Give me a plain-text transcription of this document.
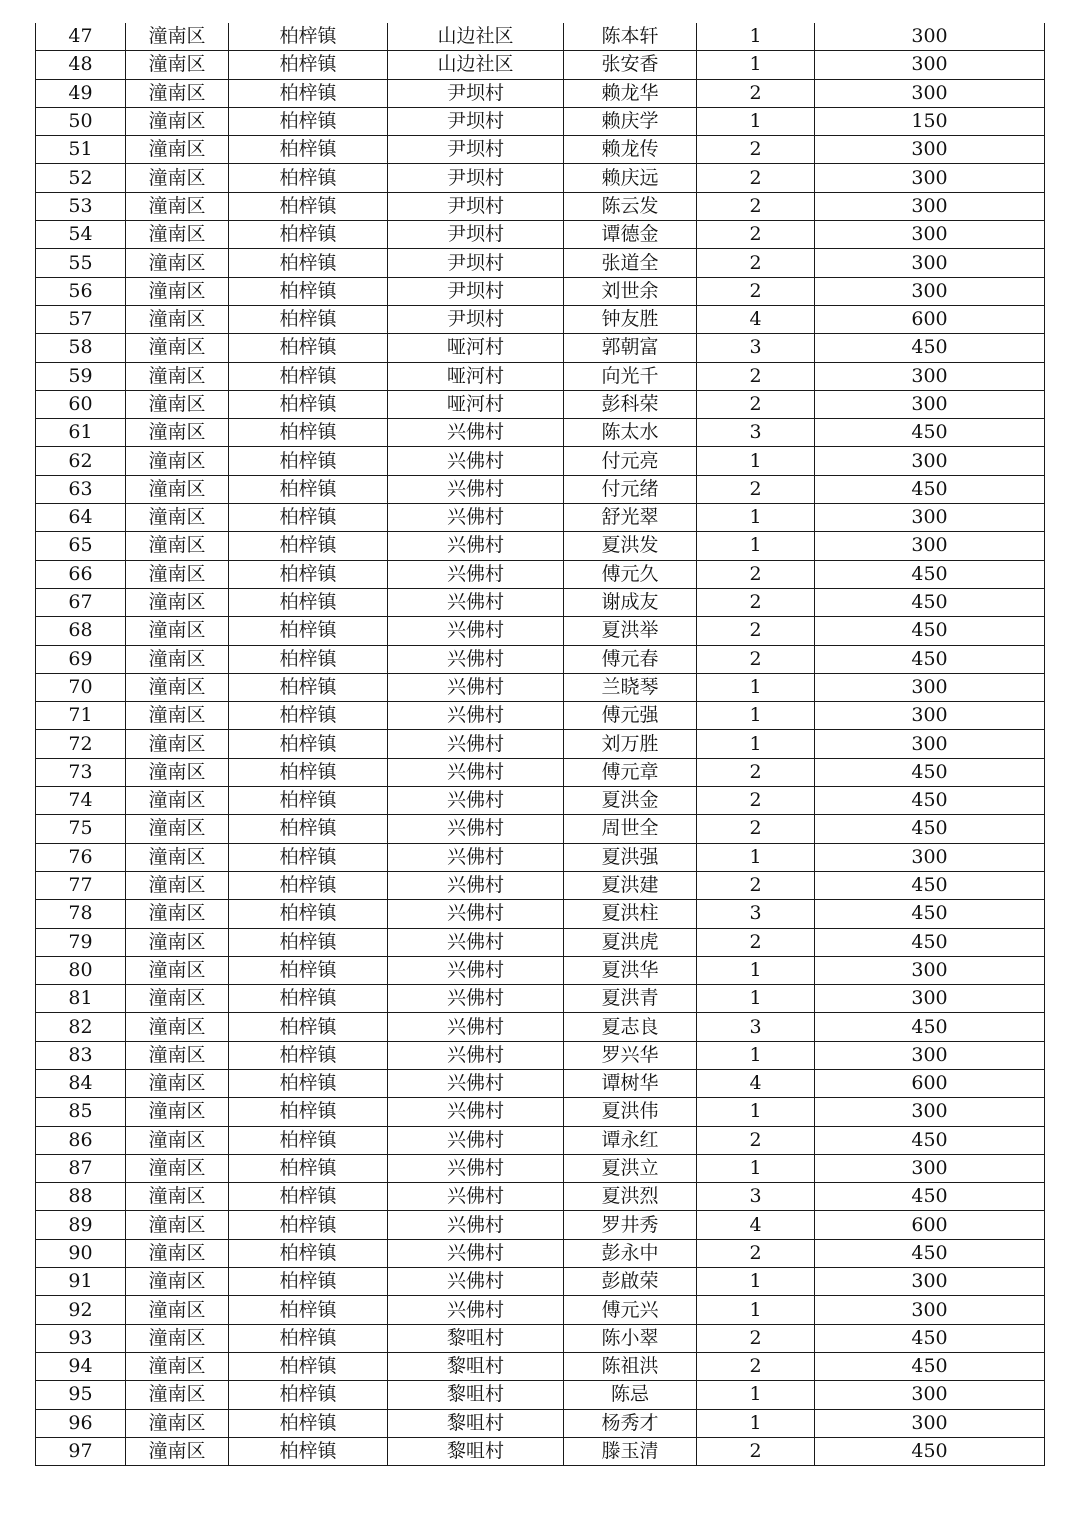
47	潼南区	柏梓镇	山边社区	陈本轩	1	300
48	潼南区	柏梓镇	山边社区	张安香	1	300
49	潼南区	柏梓镇	尹坝村	赖龙华	2	300
50	潼南区	柏梓镇	尹坝村	赖庆学	1	150
51	潼南区	柏梓镇	尹坝村	赖龙传	2	300
52	潼南区	柏梓镇	尹坝村	赖庆远	2	300
53	潼南区	柏梓镇	尹坝村	陈云发	2	300
54	潼南区	柏梓镇	尹坝村	谭德金	2	300
55	潼南区	柏梓镇	尹坝村	张道全	2	300
56	潼南区	柏梓镇	尹坝村	刘世余	2	300
57	潼南区	柏梓镇	尹坝村	钟友胜	4	600
58	潼南区	柏梓镇	哑河村	郭朝富	3	450
59	潼南区	柏梓镇	哑河村	向光千	2	300
60	潼南区	柏梓镇	哑河村	彭科荣	2	300
61	潼南区	柏梓镇	兴佛村	陈太水	3	450
62	潼南区	柏梓镇	兴佛村	付元亮	1	300
63	潼南区	柏梓镇	兴佛村	付元绪	2	450
64	潼南区	柏梓镇	兴佛村	舒光翠	1	300
65	潼南区	柏梓镇	兴佛村	夏洪发	1	300
66	潼南区	柏梓镇	兴佛村	傅元久	2	450
67	潼南区	柏梓镇	兴佛村	谢成友	2	450
68	潼南区	柏梓镇	兴佛村	夏洪举	2	450
69	潼南区	柏梓镇	兴佛村	傅元春	2	450
70	潼南区	柏梓镇	兴佛村	兰晓琴	1	300
71	潼南区	柏梓镇	兴佛村	傅元强	1	300
72	潼南区	柏梓镇	兴佛村	刘万胜	1	300
73	潼南区	柏梓镇	兴佛村	傅元章	2	450
74	潼南区	柏梓镇	兴佛村	夏洪金	2	450
75	潼南区	柏梓镇	兴佛村	周世全	2	450
76	潼南区	柏梓镇	兴佛村	夏洪强	1	300
77	潼南区	柏梓镇	兴佛村	夏洪建	2	450
78	潼南区	柏梓镇	兴佛村	夏洪柱	3	450
79	潼南区	柏梓镇	兴佛村	夏洪虎	2	450
80	潼南区	柏梓镇	兴佛村	夏洪华	1	300
81	潼南区	柏梓镇	兴佛村	夏洪青	1	300
82	潼南区	柏梓镇	兴佛村	夏志良	3	450
83	潼南区	柏梓镇	兴佛村	罗兴华	1	300
84	潼南区	柏梓镇	兴佛村	谭树华	4	600
85	潼南区	柏梓镇	兴佛村	夏洪伟	1	300
86	潼南区	柏梓镇	兴佛村	谭永红	2	450
87	潼南区	柏梓镇	兴佛村	夏洪立	1	300
88	潼南区	柏梓镇	兴佛村	夏洪烈	3	450
89	潼南区	柏梓镇	兴佛村	罗井秀	4	600
90	潼南区	柏梓镇	兴佛村	彭永中	2	450
91	潼南区	柏梓镇	兴佛村	彭啟荣	1	300
92	潼南区	柏梓镇	兴佛村	傅元兴	1	300
93	潼南区	柏梓镇	黎咀村	陈小翠	2	450
94	潼南区	柏梓镇	黎咀村	陈祖洪	2	450
95	潼南区	柏梓镇	黎咀村	陈忌	1	300
96	潼南区	柏梓镇	黎咀村	杨秀才	1	300
97	潼南区	柏梓镇	黎咀村	滕玉清	2	450
